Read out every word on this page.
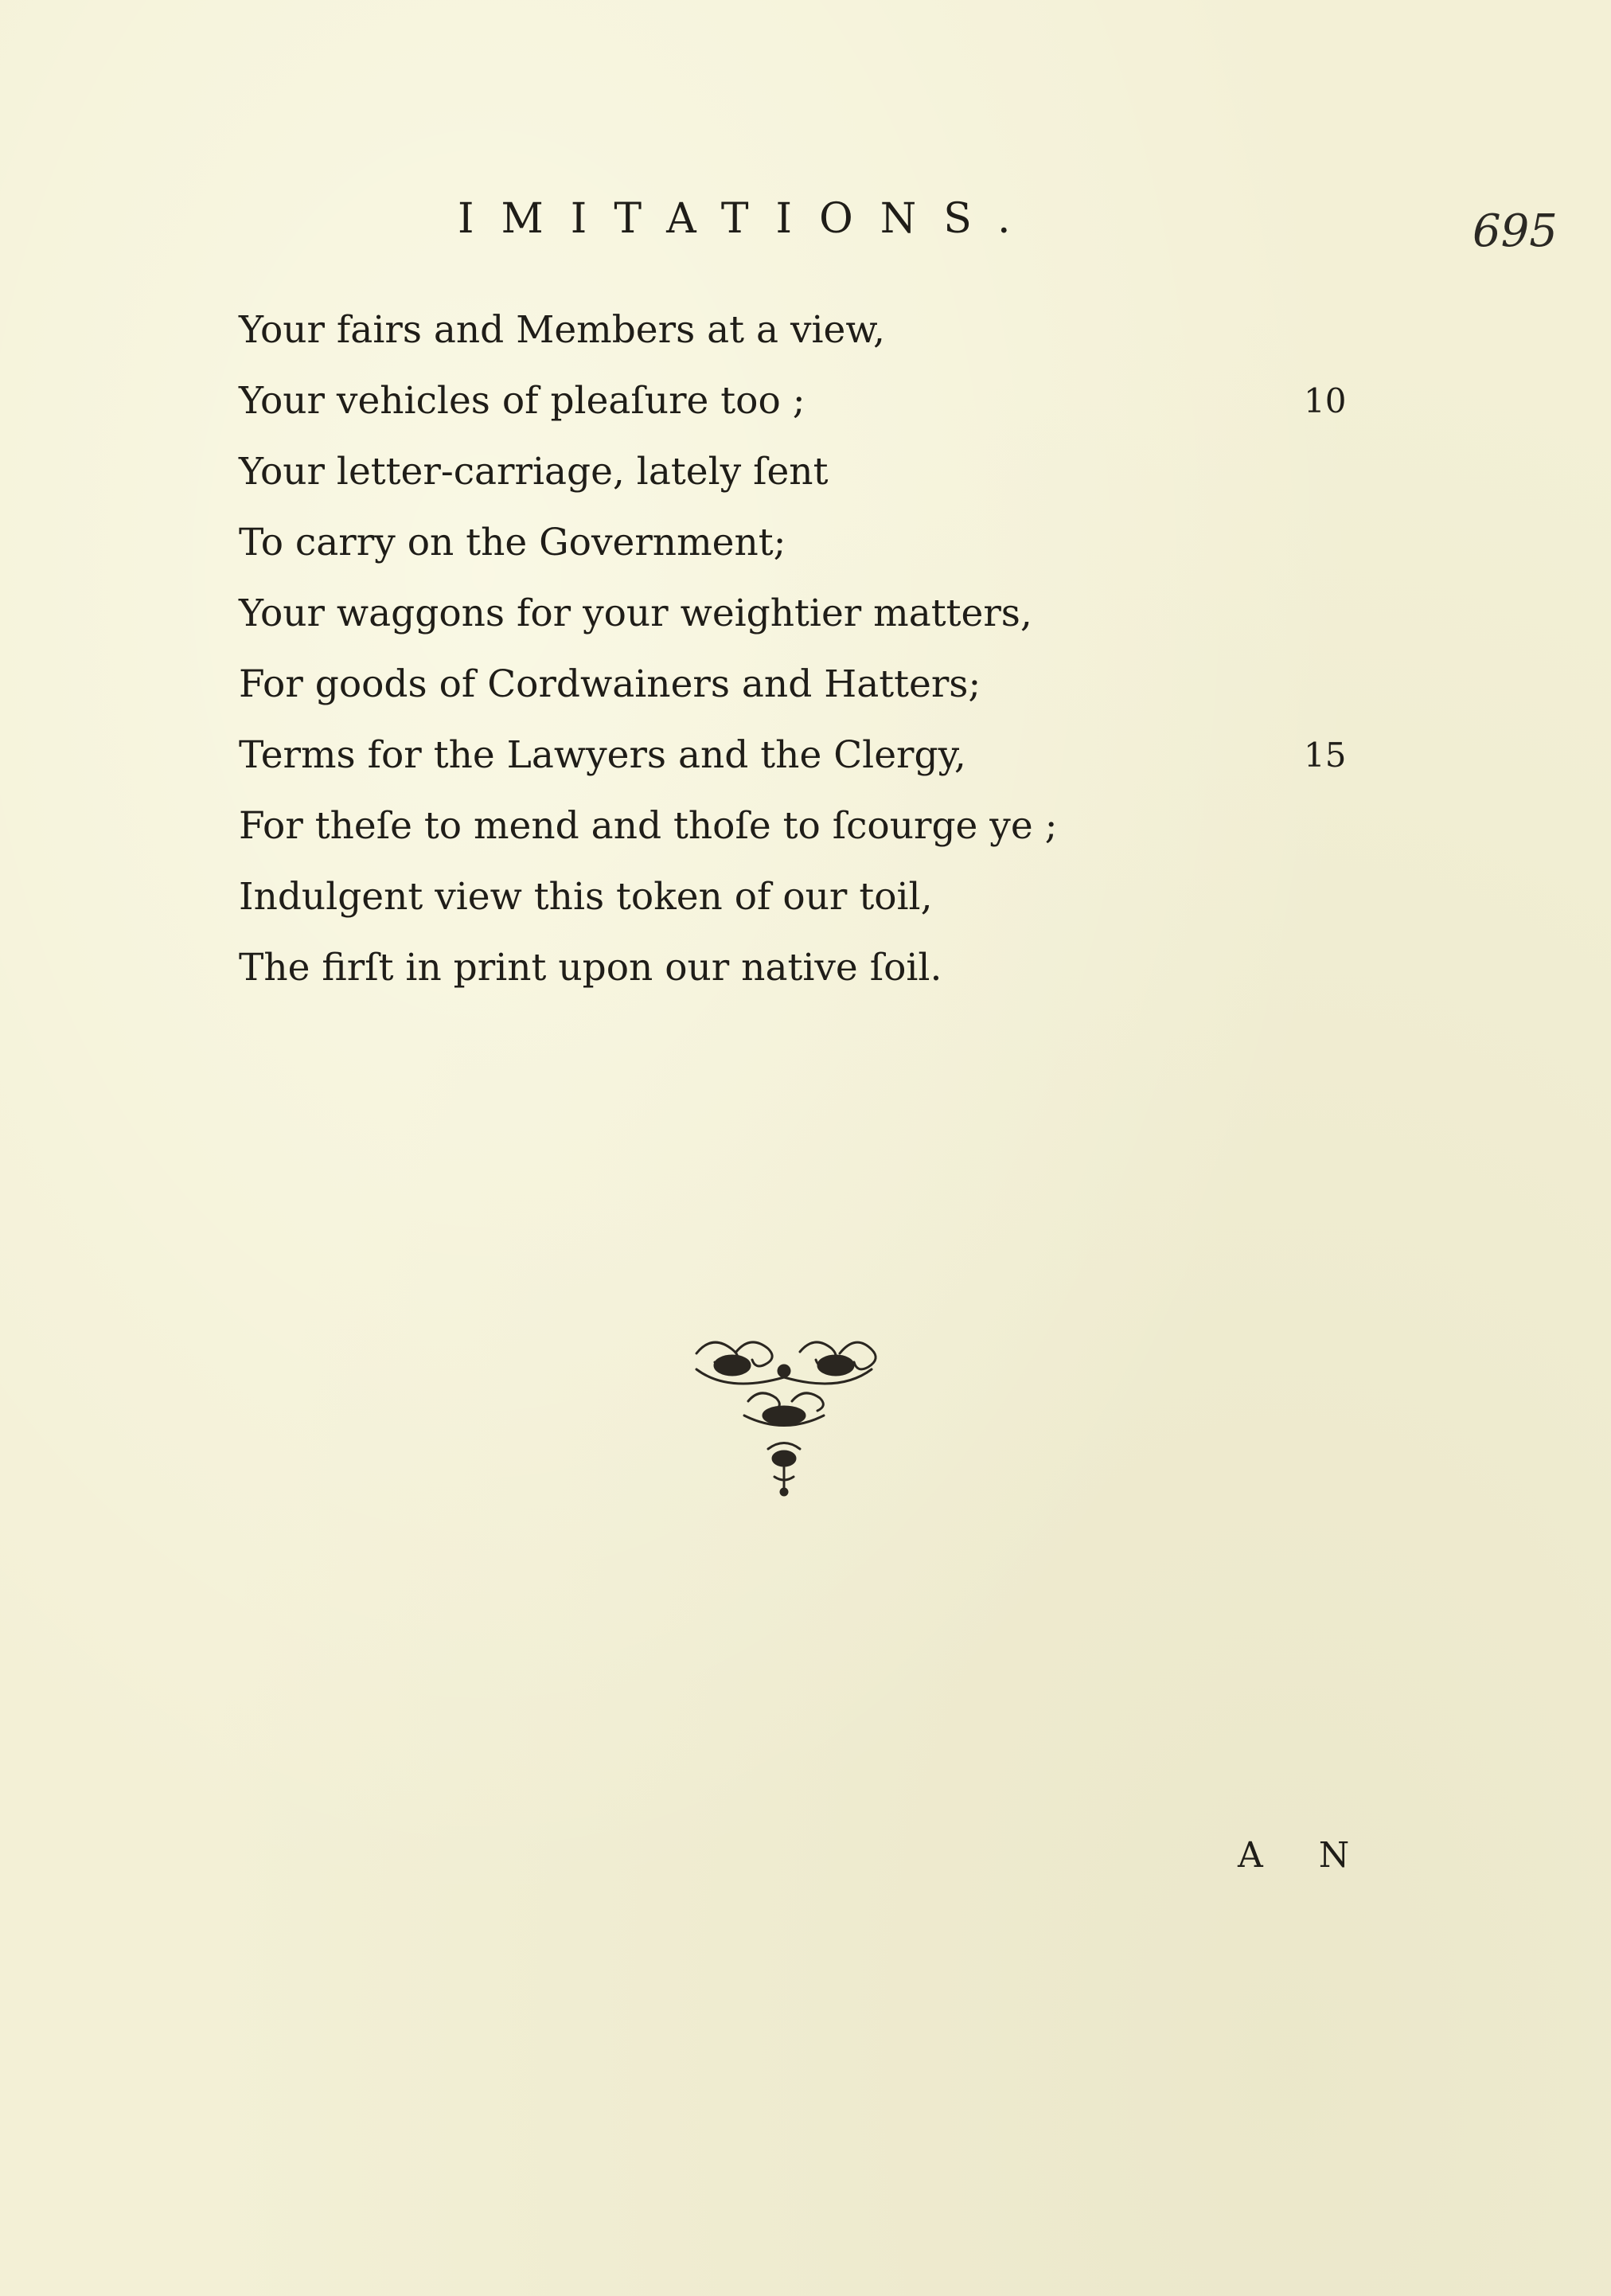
IMITATIONS.	695
Your fairs and Members at a view,
Your vehicles of pleaſure too ;	10
Your letter-carriage, lately ſent
To carry on the Government;
Your waggons for your weightier matters,
For goods of Cordwainers and Hatters;
Terms for the Lawyers and the Clergy,	15
For theſe to mend and thoſe to ſcourge ye ;
Indulgent view this token of our toil,
The firſt in print upon our native ſoil.
A N
